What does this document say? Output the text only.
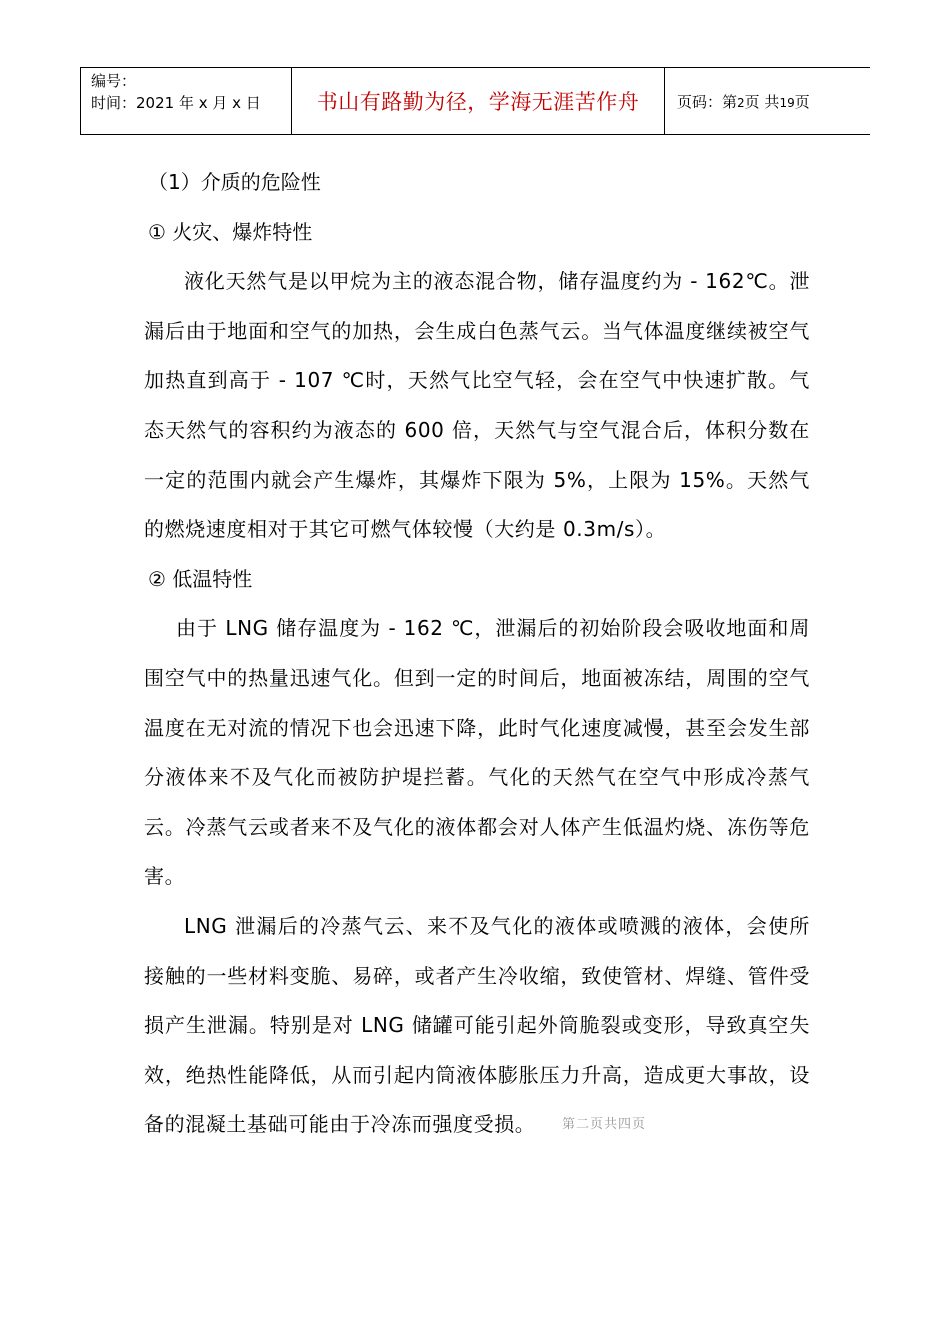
编号：
时间：2021 年 x 月 x 日	书山有路勤为径，学海无涯苦作舟	页码：第2页 共19页

（1）介质的危险性

① 火灾、爆炸特性

液化天然气是以甲烷为主的液态混合物，储存温度约为 - 162℃。泄漏后由于地面和空气的加热，会生成白色蒸气云。当气体温度继续被空气加热直到高于 - 107 ℃时，天然气比空气轻，会在空气中快速扩散。气态天然气的容积约为液态的 600 倍，天然气与空气混合后，体积分数在一定的范围内就会产生爆炸，其爆炸下限为 5%，上限为 15%。天然气的燃烧速度相对于其它可燃气体较慢（大约是 0.3m/s）。

② 低温特性

由于 LNG 储存温度为 - 162 ℃，泄漏后的初始阶段会吸收地面和周围空气中的热量迅速气化。但到一定的时间后，地面被冻结，周围的空气温度在无对流的情况下也会迅速下降，此时气化速度减慢，甚至会发生部分液体来不及气化而被防护堤拦蓄。气化的天然气在空气中形成冷蒸气云。冷蒸气云或者来不及气化的液体都会对人体产生低温灼烧、冻伤等危害。

LNG 泄漏后的冷蒸气云、来不及气化的液体或喷溅的液体，会使所接触的一些材料变脆、易碎，或者产生冷收缩，致使管材、焊缝、管件受损产生泄漏。特别是对 LNG 储罐可能引起外筒脆裂或变形，导致真空失效，绝热性能降低，从而引起内筒液体膨胀压力升高，造成更大事故，设备的混凝土基础可能由于冷冻而强度受损。	第二页共四页
